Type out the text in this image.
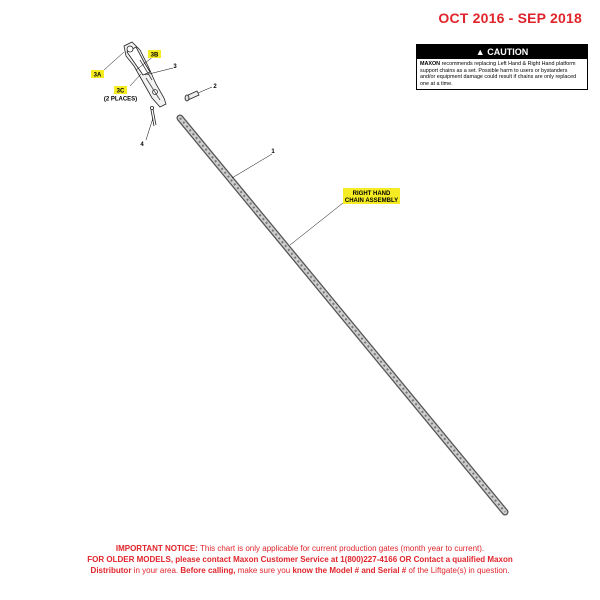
OCT 2016 - SEP 2018
▲ CAUTION
MAXON recommends replacing Left Hand & Right Hand platform support chains as a set. Possible harm to users or bystanders and/or equipment damage could result if chains are only replaced one at a time.
3A
3B
3
3C
(2 PLACES)
2
4
1
RIGHT HAND
CHAIN ASSEMBLY
IMPORTANT NOTICE: This chart is only applicable for current production gates (month year to current).
FOR OLDER MODELS, please contact Maxon Customer Service at 1(800)227-4166 OR Contact a qualified Maxon
Distributor in your area. Before calling, make sure you know the Model # and Serial # of the Liftgate(s) in question.
